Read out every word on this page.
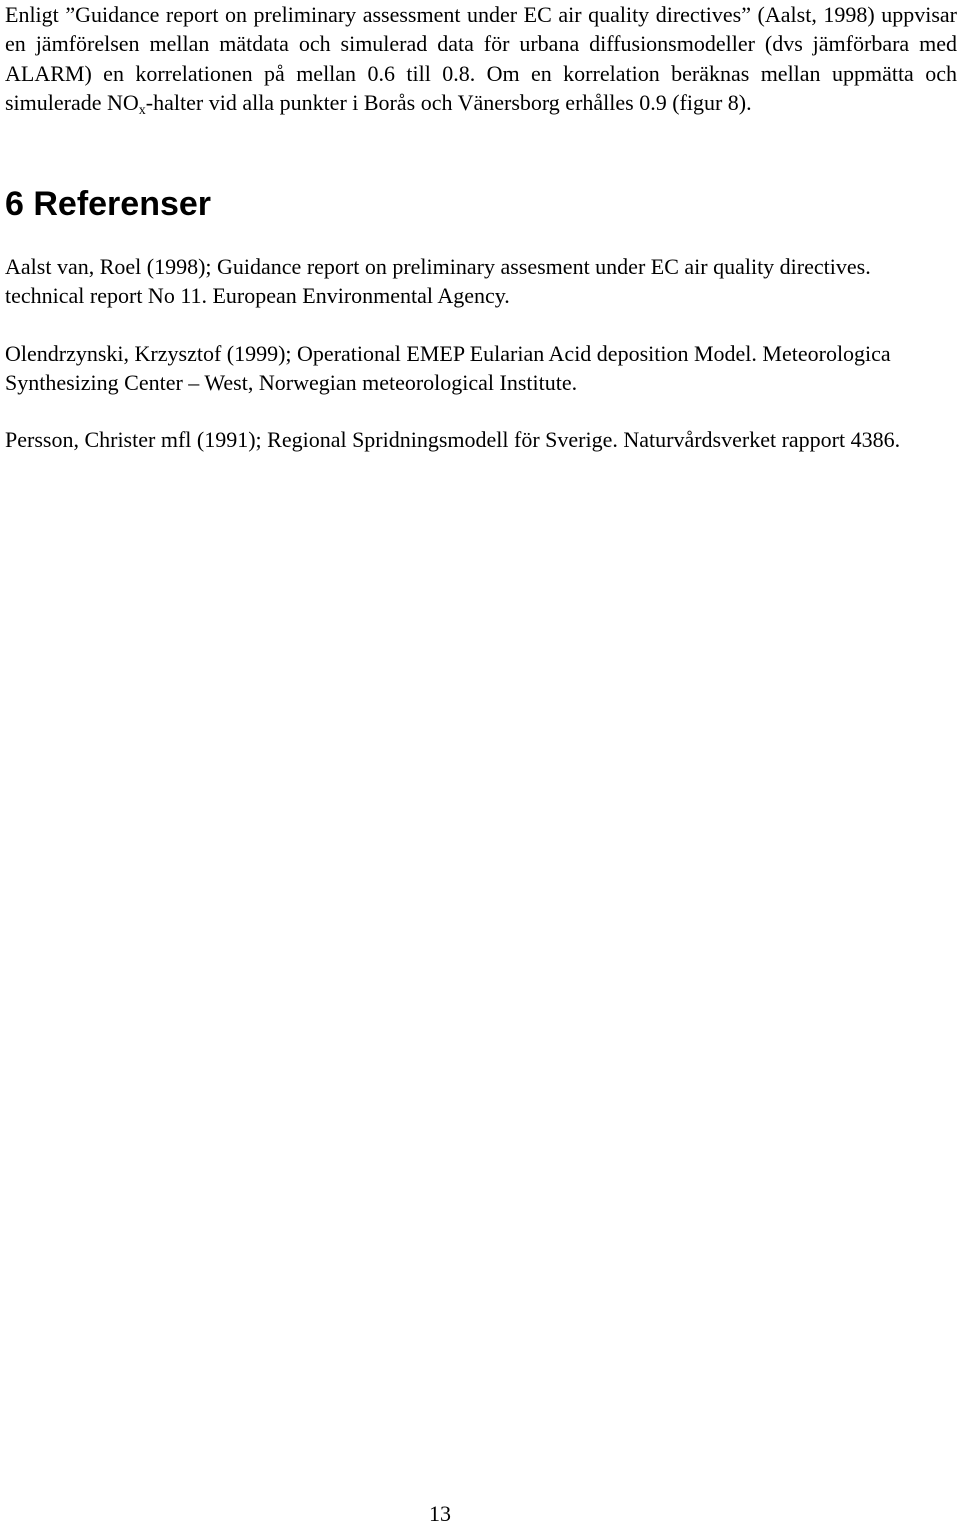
Enligt ”Guidance report on preliminary assessment under EC air quality directives” (Aalst, 1998) uppvisar en jämförelsen mellan mätdata och simulerad data för urbana diffusionsmodeller (dvs jämförbara med ALARM) en korrelationen på mellan 0.6 till 0.8. Om en korrelation beräknas mellan uppmätta och simulerade $NO_x$-halter vid alla punkter i Borås och Vänersborg erhålles 0.9 (figur 8).

6 Referenser

Aalst van, Roel (1998); Guidance report on preliminary assesment under EC air quality directives. technical report No 11. European Environmental Agency.

Olendrzynski, Krzysztof (1999); Operational EMEP Eularian Acid deposition Model. Meteorologica Synthesizing Center – West, Norwegian meteorological Institute.

Persson, Christer mfl (1991); Regional Spridningsmodell för Sverige. Naturvårdsverket rapport 4386.

13
